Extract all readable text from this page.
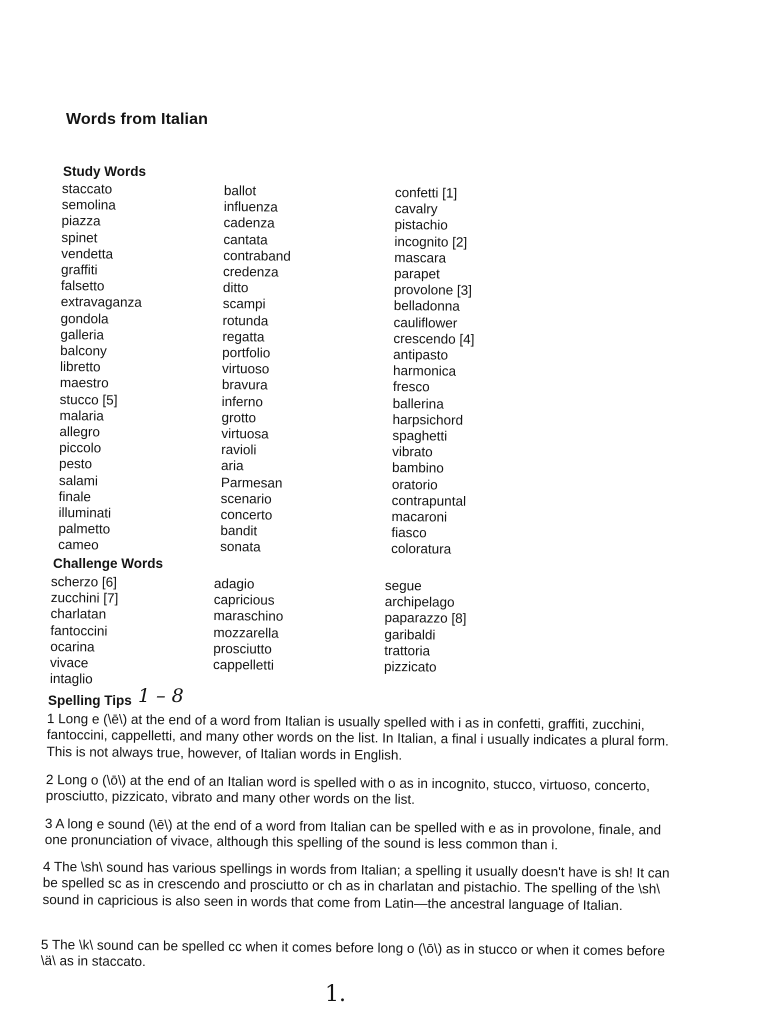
Words from Italian
Study Words
staccato
semolina
piazza
spinet
vendetta
graffiti
falsetto
extravaganza
gondola
galleria
balcony
libretto
maestro
stucco [5]
malaria
allegro
piccolo
pesto
salami
finale
illuminati
palmetto
cameo
ballot
influenza
cadenza
cantata
contraband
credenza
ditto
scampi
rotunda
regatta
portfolio
virtuoso
bravura
inferno
grotto
virtuosa
ravioli
aria
Parmesan
scenario
concerto
bandit
sonata
confetti [1]
cavalry
pistachio
incognito [2]
mascara
parapet
provolone [3]
belladonna
cauliflower
crescendo [4]
antipasto
harmonica
fresco
ballerina
harpsichord
spaghetti
vibrato
bambino
oratorio
contrapuntal
macaroni
fiasco
coloratura
Challenge Words
scherzo [6]
zucchini [7]
charlatan
fantoccini
ocarina
vivace
intaglio
adagio
capricious
maraschino
mozzarella
prosciutto
cappelletti
segue
archipelago
paparazzo [8]
garibaldi
trattoria
pizzicato
Spelling Tips 1 – 8

1 Long e (\ē\) at the end of a word from Italian is usually spelled with i as in confetti, graffiti, zucchini, fantoccini, cappelletti, and many other words on the list. In Italian, a final i usually indicates a plural form. This is not always true, however, of Italian words in English.

2 Long o (\ō\) at the end of an Italian word is spelled with o as in incognito, stucco, virtuoso, concerto, prosciutto, pizzicato, vibrato and many other words on the list.

3 A long e sound (\ē\) at the end of a word from Italian can be spelled with e as in provolone, finale, and one pronunciation of vivace, although this spelling of the sound is less common than i.

4 The \sh\ sound has various spellings in words from Italian; a spelling it usually doesn't have is sh! It can be spelled sc as in crescendo and prosciutto or ch as in charlatan and pistachio. The spelling of the \sh\ sound in capricious is also seen in words that come from Latin—the ancestral language of Italian.

5 The \k\ sound can be spelled cc when it comes before long o (\ō\) as in stucco or when it comes before \ä\ as in staccato.

1.
